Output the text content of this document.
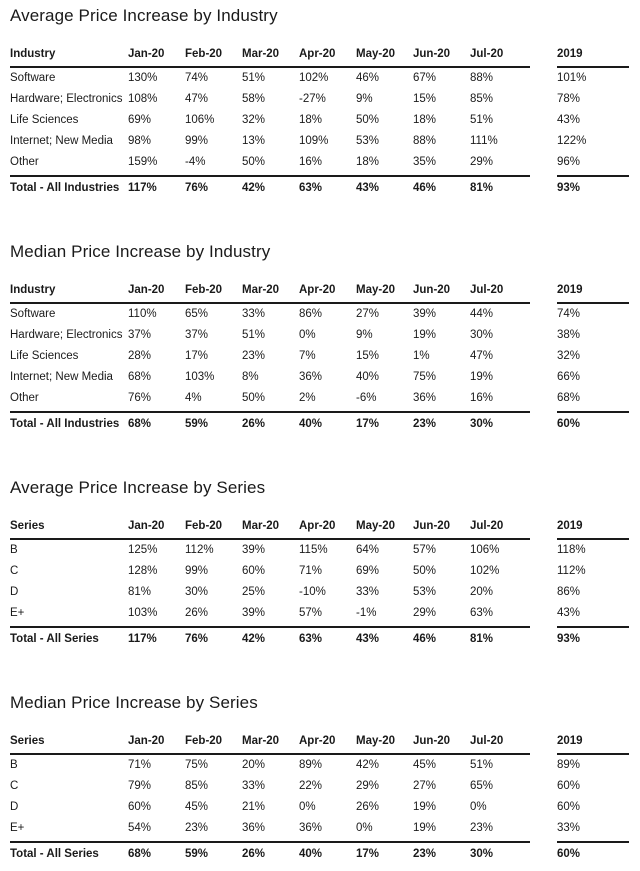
Average Price Increase by Industry
Industry	Jan-20	Feb-20	Mar-20	Apr-20	May-20	Jun-20	Jul-20		2019
Software	130%	74%	51%	102%	46%	67%	88%		101%
Hardware; Electronics	108%	47%	58%	-27%	9%	15%	85%		78%
Life Sciences	69%	106%	32%	18%	50%	18%	51%		43%
Internet; New Media	98%	99%	13%	109%	53%	88%	111%		122%
Other	159%	-4%	50%	16%	18%	35%	29%		96%
Total - All Industries	117%	76%	42%	63%	43%	46%	81%		93%
Median Price Increase by Industry
Industry	Jan-20	Feb-20	Mar-20	Apr-20	May-20	Jun-20	Jul-20		2019
Software	110%	65%	33%	86%	27%	39%	44%		74%
Hardware; Electronics	37%	37%	51%	0%	9%	19%	30%		38%
Life Sciences	28%	17%	23%	7%	15%	1%	47%		32%
Internet; New Media	68%	103%	8%	36%	40%	75%	19%		66%
Other	76%	4%	50%	2%	-6%	36%	16%		68%
Total - All Industries	68%	59%	26%	40%	17%	23%	30%		60%
Average Price Increase by Series
Series	Jan-20	Feb-20	Mar-20	Apr-20	May-20	Jun-20	Jul-20		2019
B	125%	112%	39%	115%	64%	57%	106%		118%
C	128%	99%	60%	71%	69%	50%	102%		112%
D	81%	30%	25%	-10%	33%	53%	20%		86%
E+	103%	26%	39%	57%	-1%	29%	63%		43%
Total - All Series	117%	76%	42%	63%	43%	46%	81%		93%
Median Price Increase by Series
Series	Jan-20	Feb-20	Mar-20	Apr-20	May-20	Jun-20	Jul-20		2019
B	71%	75%	20%	89%	42%	45%	51%		89%
C	79%	85%	33%	22%	29%	27%	65%		60%
D	60%	45%	21%	0%	26%	19%	0%		60%
E+	54%	23%	36%	36%	0%	19%	23%		33%
Total - All Series	68%	59%	26%	40%	17%	23%	30%		60%
